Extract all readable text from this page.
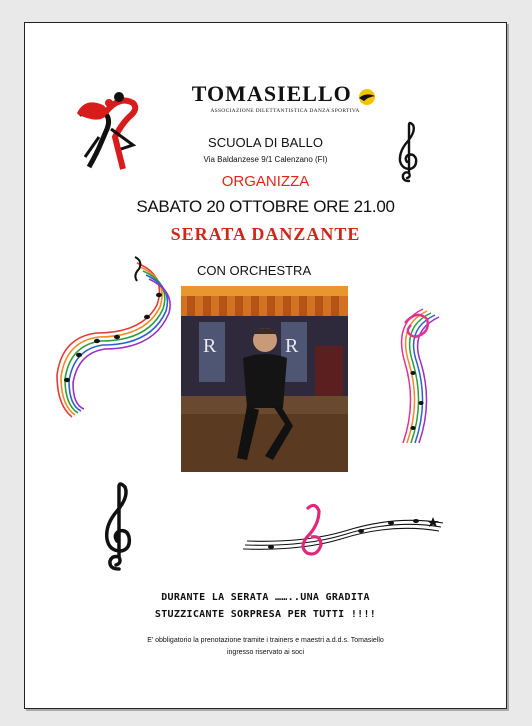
TOMASIELLO
ASSOCIAZIONE DILETTANTISTICA DANZA SPORTIVA
SCUOLA DI BALLO
Via Baldanzese 9/1 Calenzano (FI)
ORGANIZZA
SABATO 20 OTTOBRE ORE 21.00
SERATA DANZANTE
CON ORCHESTRA
R	R
DURANTE LA SERATA ……..UNA GRADITA
STUZZICANTE SORPRESA PER TUTTI !!!!
E' obbligatorio la prenotazione tramite i trainers e maestri a.d.d.s. Tomasiello
ingresso riservato ai soci
